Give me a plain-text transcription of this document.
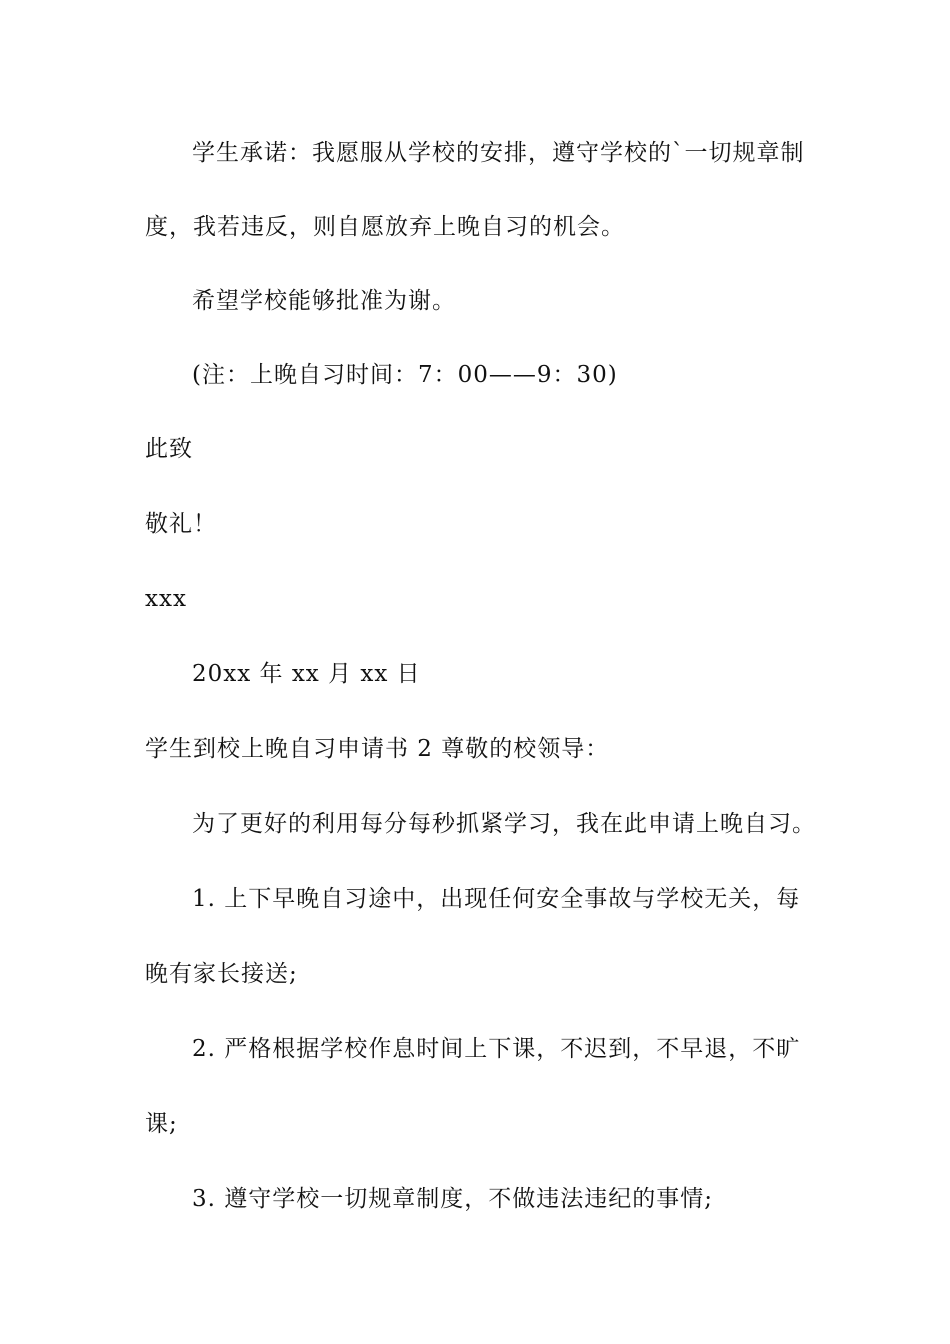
学生承诺：我愿服从学校的安排，遵守学校的`一切规章制
度，我若违反，则自愿放弃上晚自习的机会。
希望学校能够批准为谢。
(注：上晚自习时间：7：00——9：30)
此致
敬礼！
xxx
20xx 年 xx 月 xx 日
学生到校上晚自习申请书 2 尊敬的校领导：
为了更好的利用每分每秒抓紧学习，我在此申请上晚自习。
1. 上下早晚自习途中，出现任何安全事故与学校无关，每
晚有家长接送;
2. 严格根据学校作息时间上下课，不迟到，不早退，不旷
课;
3. 遵守学校一切规章制度，不做违法违纪的事情;
